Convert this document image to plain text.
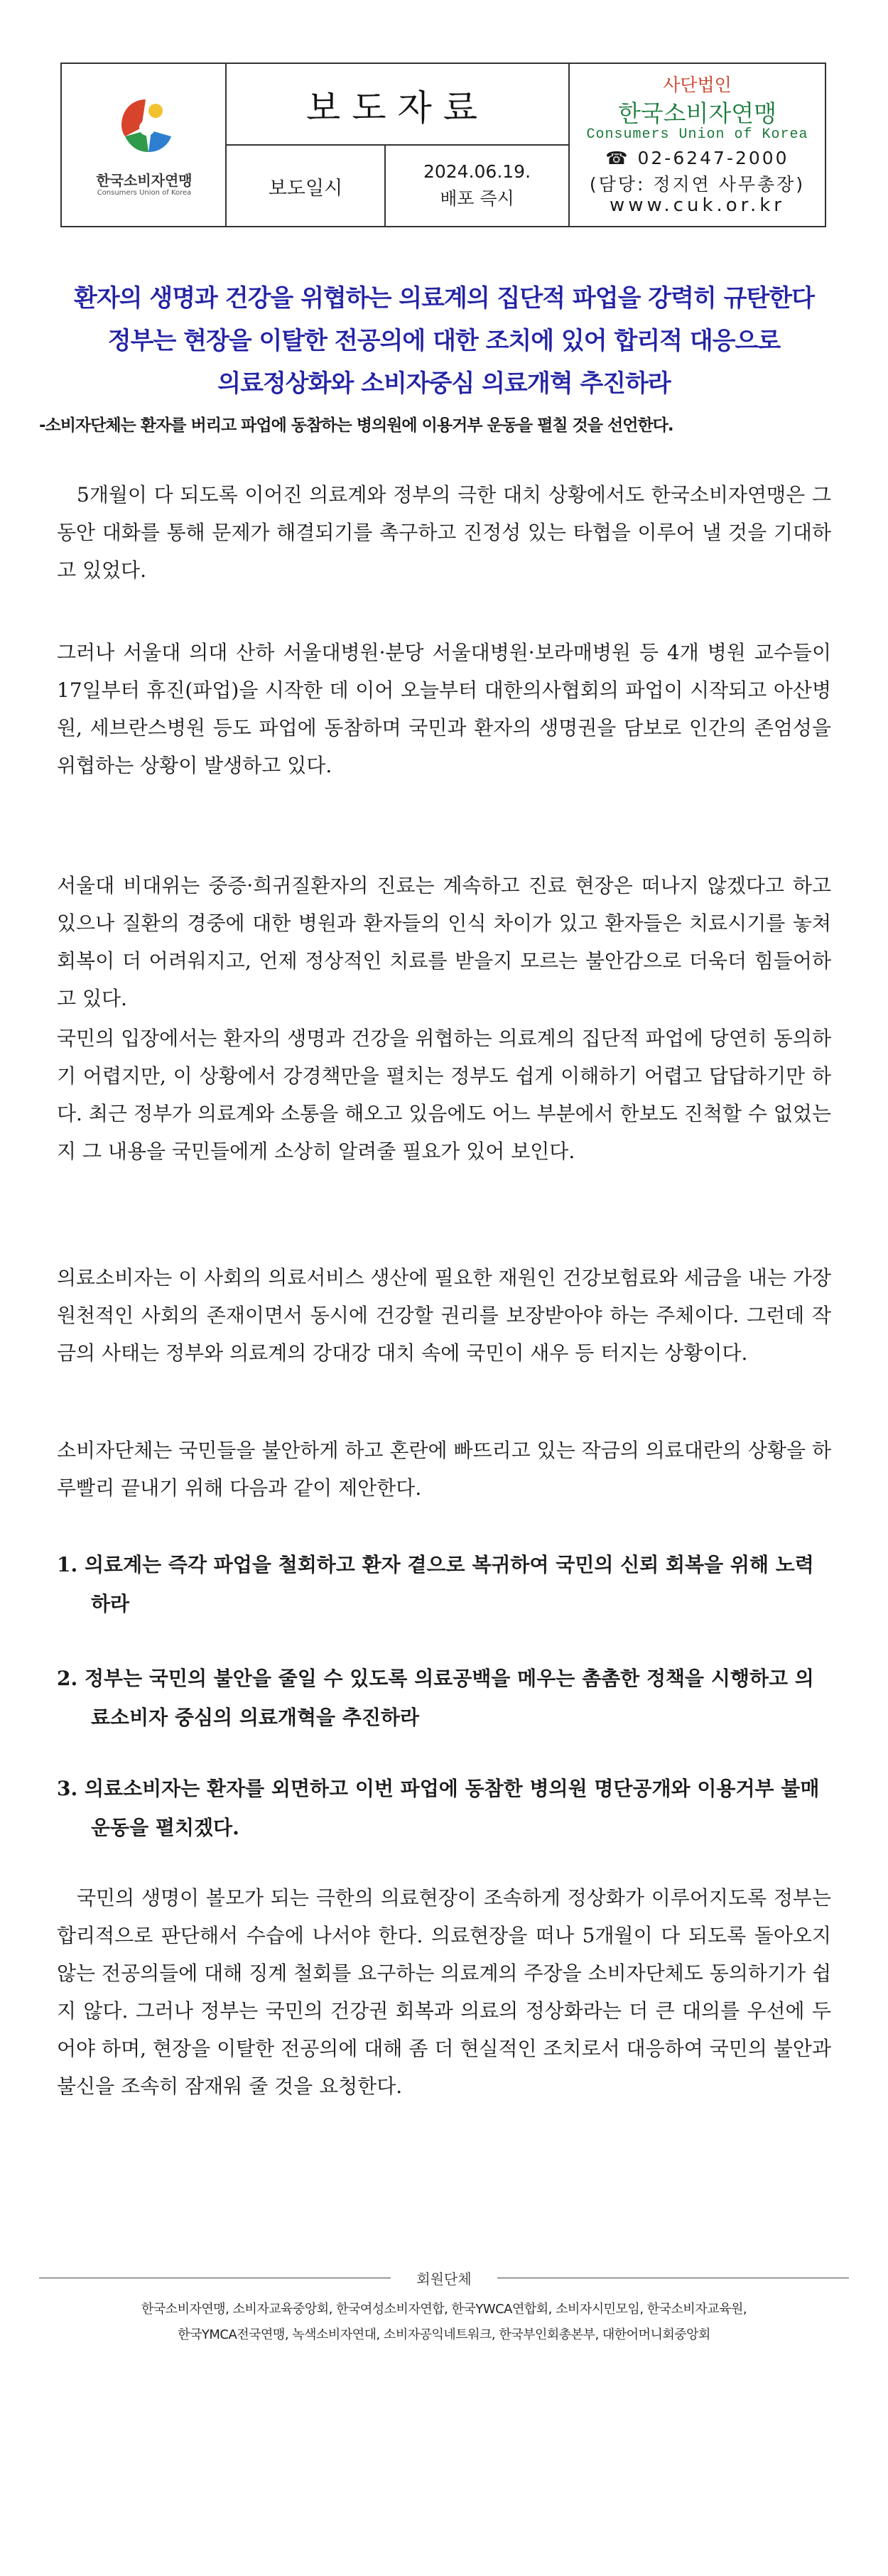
한국소비자연맹
Consumers Union of Korea
보도자료
보도일시
2024.06.19.
배포 즉시
사단법인
한국소비자연맹
Consumers Union of Korea
☎ 02-6247-2000
(담당: 정지연 사무총장)
www.cuk.or.kr
환자의 생명과 건강을 위협하는 의료계의 집단적 파업을 강력히 규탄한다
정부는 현장을 이탈한 전공의에 대한 조치에 있어 합리적 대응으로
의료정상화와 소비자중심 의료개혁 추진하라
-소비자단체는 환자를 버리고 파업에 동참하는 병의원에 이용거부 운동을 펼칠 것을 선언한다.
5개월이 다 되도록 이어진 의료계와 정부의 극한 대치 상황에서도 한국소비자연맹은 그동안 대화를 통해 문제가 해결되기를 촉구하고 진정성 있는 타협을 이루어 낼 것을 기대하고 있었다.
그러나 서울대 의대 산하 서울대병원·분당 서울대병원·보라매병원 등 4개 병원 교수들이 17일부터 휴진(파업)을 시작한 데 이어 오늘부터 대한의사협회의 파업이 시작되고 아산병원, 세브란스병원 등도 파업에 동참하며 국민과 환자의 생명권을 담보로 인간의 존엄성을 위협하는 상황이 발생하고 있다.
서울대 비대위는 중증·희귀질환자의 진료는 계속하고 진료 현장은 떠나지 않겠다고 하고 있으나 질환의 경중에 대한 병원과 환자들의 인식 차이가 있고 환자들은 치료시기를 놓쳐 회복이 더 어려워지고, 언제 정상적인 치료를 받을지 모르는 불안감으로 더욱더 힘들어하고 있다.
국민의 입장에서는 환자의 생명과 건강을 위협하는 의료계의 집단적 파업에 당연히 동의하기 어렵지만, 이 상황에서 강경책만을 펼치는 정부도 쉽게 이해하기 어렵고 답답하기만 하다. 최근 정부가 의료계와 소통을 해오고 있음에도 어느 부분에서 한보도 진척할 수 없었는지 그 내용을 국민들에게 소상히 알려줄 필요가 있어 보인다.
의료소비자는 이 사회의 의료서비스 생산에 필요한 재원인 건강보험료와 세금을 내는 가장 원천적인 사회의 존재이면서 동시에 건강할 권리를 보장받아야 하는 주체이다. 그런데 작금의 사태는 정부와 의료계의 강대강 대치 속에 국민이 새우 등 터지는 상황이다.
소비자단체는 국민들을 불안하게 하고 혼란에 빠뜨리고 있는 작금의 의료대란의 상황을 하루빨리 끝내기 위해 다음과 같이 제안한다.
1. 의료계는 즉각 파업을 철회하고 환자 곁으로 복귀하여 국민의 신뢰 회복을 위해 노력하라
2. 정부는 국민의 불안을 줄일 수 있도록 의료공백을 메우는 촘촘한 정책을 시행하고 의료소비자 중심의 의료개혁을 추진하라
3. 의료소비자는 환자를 외면하고 이번 파업에 동참한 병의원 명단공개와 이용거부 불매운동을 펼치겠다.
국민의 생명이 볼모가 되는 극한의 의료현장이 조속하게 정상화가 이루어지도록 정부는 합리적으로 판단해서 수습에 나서야 한다. 의료현장을 떠나 5개월이 다 되도록 돌아오지 않는 전공의들에 대해 징계 철회를 요구하는 의료계의 주장을 소비자단체도 동의하기가 쉽지 않다. 그러나 정부는 국민의 건강권 회복과 의료의 정상화라는 더 큰 대의를 우선에 두어야 하며, 현장을 이탈한 전공의에 대해 좀 더 현실적인 조치로서 대응하여 국민의 불안과 불신을 조속히 잠재워 줄 것을 요청한다.
회원단체
한국소비자연맹, 소비자교육중앙회, 한국여성소비자연합, 한국YWCA연합회, 소비자시민모임, 한국소비자교육원,
한국YMCA전국연맹, 녹색소비자연대, 소비자공익네트워크, 한국부인회총본부, 대한어머니회중앙회
